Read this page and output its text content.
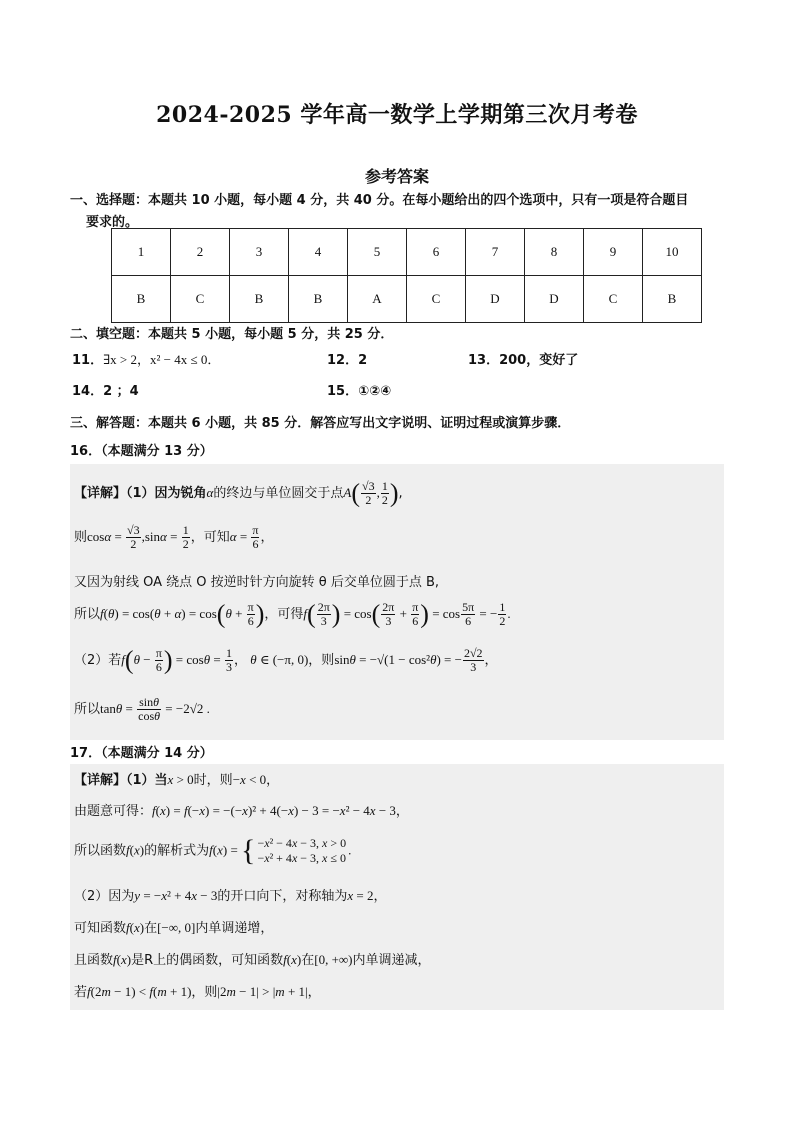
2024-2025 学年高一数学上学期第三次月考卷
参考答案
一、选择题：本题共 10 小题，每小题 4 分，共 40 分。在每小题给出的四个选项中，只有一项是符合题目
要求的。
1	2	3	4	5	6	7	8	9	10
B	C	B	B	A	C	D	D	C	B
二、填空题：本题共 5 小题，每小题 5 分，共 25 分．
11．∃x > 2，x² − 4x ≤ 0．	12．2	13．200，变好了
14．2 ；4	15．①②④
三、解答题：本题共 6 小题，共 85 分．解答应写出文字说明、证明过程或演算步骤．
16．（本题满分 13 分）
【详解】（1）因为锐角α的终边与单位圆交于点$A( \frac{√3}{2}$ , $\frac{1}{2}$ ),
则$\cos\alpha = \frac{√3}{2} ,\sin\alpha = \frac{1}{2}$ ，可知$\alpha = \frac{\pi}{6}$ ，
又因为射线 OA 绕点 O 按逆时针方向旋转 θ 后交单位圆于点 B,
所以$f(\theta) = \cos(\theta + \alpha) = \cos(\theta + \frac{\pi}{6}$ )，可得$f( \frac{2\pi}{3}$ ) = $\cos( \frac{2\pi}{3} + \frac{\pi}{6}$ ) = $\cos \frac{5\pi}{6}$ = − $\frac{1}{2}$ .
（2）若$f(\theta - \frac{\pi}{6}$ ) = $\cos\theta = \frac{1}{3}$ ， θ ∈ (−π, 0)，则sinθ = −√(1 − cos²θ) = − $\frac{2√2}{3}$ ，
所以$\tan\theta = \frac{\sin\theta}{\cos\theta} = -2√2$ .
17．（本题满分 14 分）
【详解】（1）当x > 0时，则−x < 0，
由题意可得：f(x) = f(−x) = −(−x)² + 4(−x) − 3 = −x² − 4x − 3，
所以函数f(x)的解析式为f(x) = { −x² − 4x − 3, x > 0
−x² + 4x − 3, x ≤ 0
.
（2）因为y = −x² + 4x − 3的开口向下，对称轴为x = 2，
可知函数f(x)在[−∞, 0]内单调递增，
且函数f(x)是R上的偶函数，可知函数f(x)在[0, +∞)内单调递减，
若f(2m − 1) < f(m + 1)，则|2m − 1| > |m + 1|，
